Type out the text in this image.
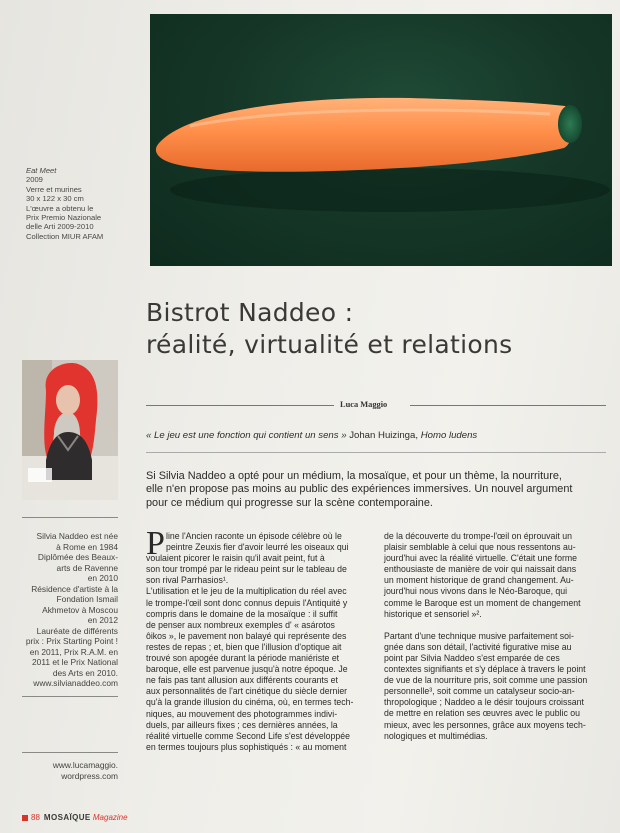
Eat Meet
2009
Verre et murines
30 x 122 x 30 cm
L'œuvre a obtenu le
Prix Premio Nazionale
delle Arti 2009-2010
Collection MIUR AFAM
Bistrot Naddeo :
réalité, virtualité et relations
Luca Maggio
« Le jeu est une fonction qui contient un sens » Johan Huizinga, Homo ludens
Si Silvia Naddeo a opté pour un médium, la mosaïque, et pour un thème, la nourriture,
elle n'en propose pas moins au public des expériences immersives. Un nouvel argument
pour ce médium qui progresse sur la scène contemporaine.
Silvia Naddeo est née
à Rome en 1984
Diplômée des Beaux-
arts de Ravenne
en 2010
Résidence d'artiste à la
Fondation Ismail
Akhmetov à Moscou
en 2012
Lauréate de différents
prix : Prix Starting Point !
en 2011, Prix R.A.M. en
2011 et le Prix National
des Arts en 2010.
www.silvianaddeo.com
www.lucamaggio.
wordpress.com
P line l'Ancien raconte un épisode célèbre où le
peintre Zeuxis fier d'avoir leurré les oiseaux qui
voulaient picorer le raisin qu'il avait peint, fut à
son tour trompé par le rideau peint sur le tableau de
son rival Parrhasios¹.
L'utilisation et le jeu de la multiplication du réel avec
le trompe-l'œil sont donc connus depuis l'Antiquité y
compris dans le domaine de la mosaïque : il suffit
de penser aux nombreux exemples d' « asárotos
ôikos », le pavement non balayé qui représente des
restes de repas ; et, bien que l'illusion d'optique ait
trouvé son apogée durant la période maniériste et
baroque, elle est parvenue jusqu'à notre époque. Je
ne fais pas tant allusion aux différents courants et
aux personnalités de l'art cinétique du siècle dernier
qu'à la grande illusion du cinéma, où, en termes tech-
niques, au mouvement des photogrammes indivi-
duels, par ailleurs fixes ; ces dernières années, la
réalité virtuelle comme Second Life s'est développée
en termes toujours plus sophistiqués : « au moment
de la découverte du trompe-l'œil on éprouvait un
plaisir semblable à celui que nous ressentons au-
jourd'hui avec la réalité virtuelle. C'était une forme
enthousiaste de manière de voir qui naissait dans
un moment historique de grand changement. Au-
jourd'hui nous vivons dans le Néo-Baroque, qui
comme le Baroque est un moment de changement
historique et sensoriel »².
Partant d'une technique musive parfaitement soi-
gnée dans son détail, l'activité figurative mise au
point par Silvia Naddeo s'est emparée de ces
contextes signifiants et s'y déplace à travers le point
de vue de la nourriture pris, soit comme une passion
personnelle³, soit comme un catalyseur socio-an-
thropologique ; Naddeo a le désir toujours croissant
de mettre en relation ses œuvres avec le public ou
mieux, avec les personnes, grâce aux moyens tech-
nologiques et multimédias.
88 MOSAÏQUE Magazine
